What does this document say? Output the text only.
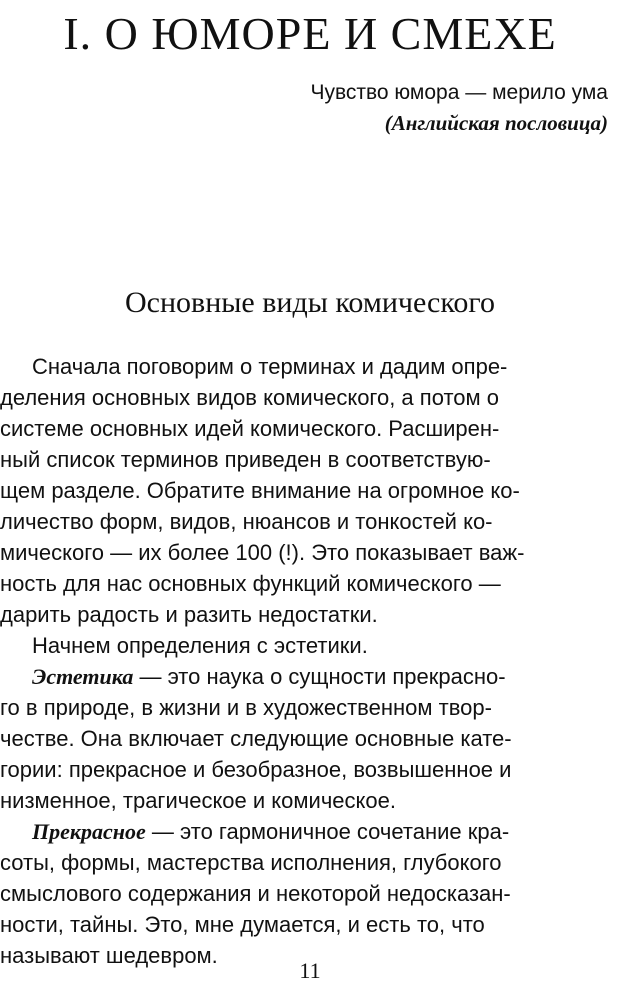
I. О ЮМОРЕ И СМЕХЕ
Чувство юмора — мерило ума
(Английская пословица)
Основные виды комического
Сначала поговорим о терминах и дадим опре-
деления основных видов комического, а потом о
системе основных идей комического. Расширен-
ный список терминов приведен в соответствую-
щем разделе. Обратите внимание на огромное ко-
личество форм, видов, нюансов и тонкостей ко-
мического — их более 100 (!). Это показывает важ-
ность для нас основных функций комического —
дарить радость и разить недостатки.
Начнем определения с эстетики.
Эстетика — это наука о сущности прекрасно-
го в природе, в жизни и в художественном твор-
честве. Она включает следующие основные кате-
гории: прекрасное и безобразное, возвышенное и
низменное, трагическое и комическое.
Прекрасное — это гармоничное сочетание кра-
соты, формы, мастерства исполнения, глубокого
смыслового содержания и некоторой недосказан-
ности, тайны. Это, мне думается, и есть то, что
называют шедевром.
11
